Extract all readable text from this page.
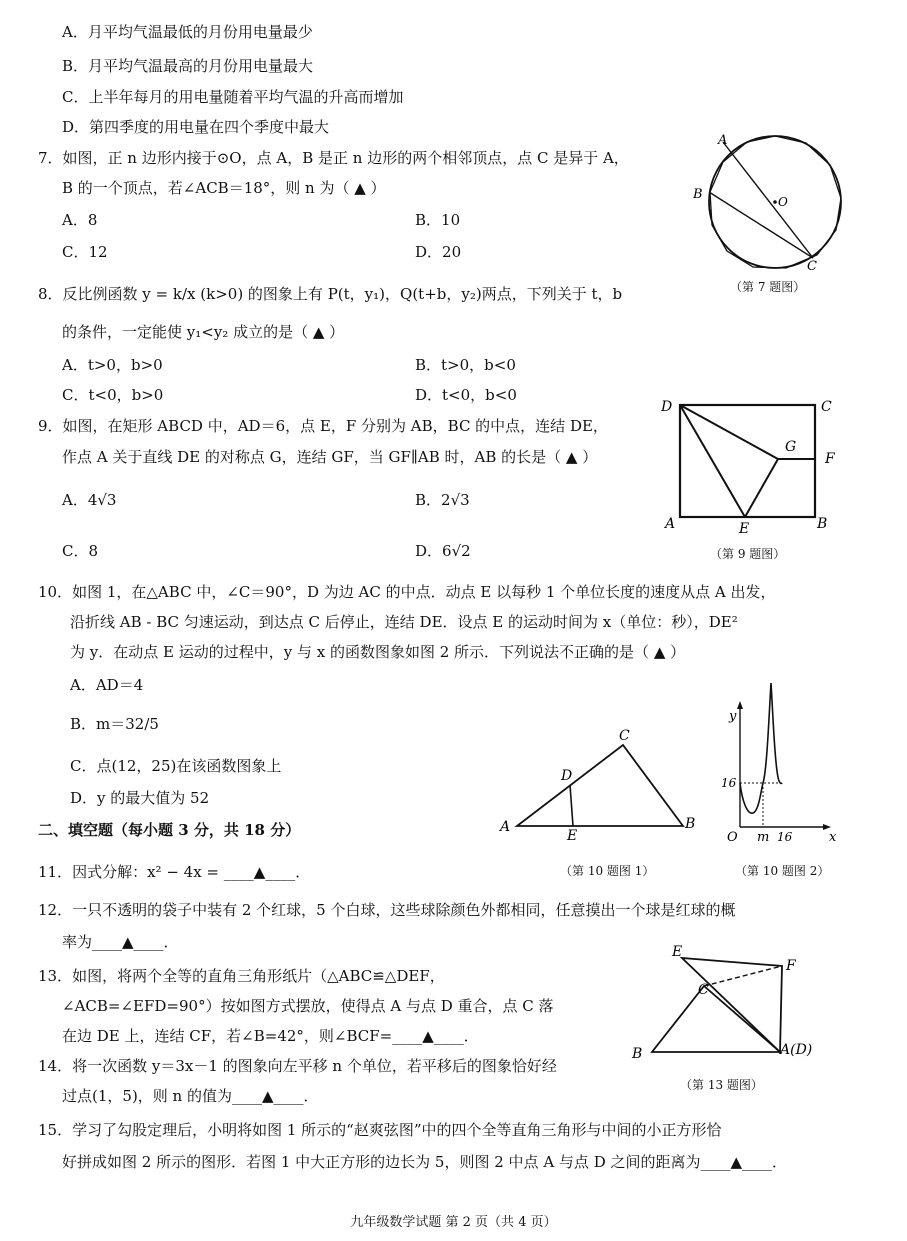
A．月平均气温最低的月份用电量最少
B．月平均气温最高的月份用电量最大
C．上半年每月的用电量随着平均气温的升高而增加
D．第四季度的用电量在四个季度中最大
7．如图，正 n 边形内接于⊙O，点 A，B 是正 n 边形的两个相邻顶点，点 C 是异于 A，
B 的一个顶点，若∠ACB＝18°，则 n 为（ ▲ ）
A．8	B．10
C．12	D．20
A
B
C
O
（第 7 题图）
8．反比例函数 y = k/x (k>0) 的图象上有 P(t，y₁)，Q(t+b，y₂)两点，下列关于 t，b
的条件，一定能使 y₁<y₂ 成立的是（ ▲ ）
A．t>0，b>0	B．t>0，b<0
C．t<0，b>0	D．t<0，b<0
9．如图，在矩形 ABCD 中，AD＝6，点 E，F 分别为 AB，BC 的中点，连结 DE，
作点 A 关于直线 DE 的对称点 G，连结 GF，当 GF∥AB 时，AB 的长是（ ▲ ）
A．4√3	B．2√3
C．8	D．6√2
D	C
G
F
A	E	B
（第 9 题图）
10．如图 1，在△ABC 中，∠C＝90°，D 为边 AC 的中点．动点 E 以每秒 1 个单位长度的速度从点 A 出发，
沿折线 AB - BC 匀速运动，到达点 C 后停止，连结 DE．设点 E 的运动时间为 x（单位：秒），DE²
为 y．在动点 E 运动的过程中，y 与 x 的函数图象如图 2 所示．下列说法不正确的是（ ▲ ）
A．AD＝4
B．m＝32/5
C．点(12，25)在该函数图象上
D．y 的最大值为 52
A	B
C
D
E
（第 10 题图 1）
y
x
O m
16
16
（第 10 题图 2）
二、填空题（每小题 3 分，共 18 分）
11．因式分解：x² − 4x = ____▲____．
12．一只不透明的袋子中装有 2 个红球，5 个白球，这些球除颜色外都相同，任意摸出一个球是红球的概
率为____▲____．
13．如图，将两个全等的直角三角形纸片（△ABC≌△DEF，
∠ACB=∠EFD=90°）按如图方式摆放，使得点 A 与点 D 重合，点 C 落
在边 DE 上，连结 CF，若∠B=42°，则∠BCF=____▲____．
E
F
C
B	A(D)
（第 13 题图）
14．将一次函数 y＝3x－1 的图象向左平移 n 个单位，若平移后的图象恰好经
过点(1，5)，则 n 的值为____▲____．
15．学习了勾股定理后，小明将如图 1 所示的“赵爽弦图”中的四个全等直角三角形与中间的小正方形恰
好拼成如图 2 所示的图形．若图 1 中大正方形的边长为 5，则图 2 中点 A 与点 D 之间的距离为____▲____．
九年级数学试题 第 2 页（共 4 页）
